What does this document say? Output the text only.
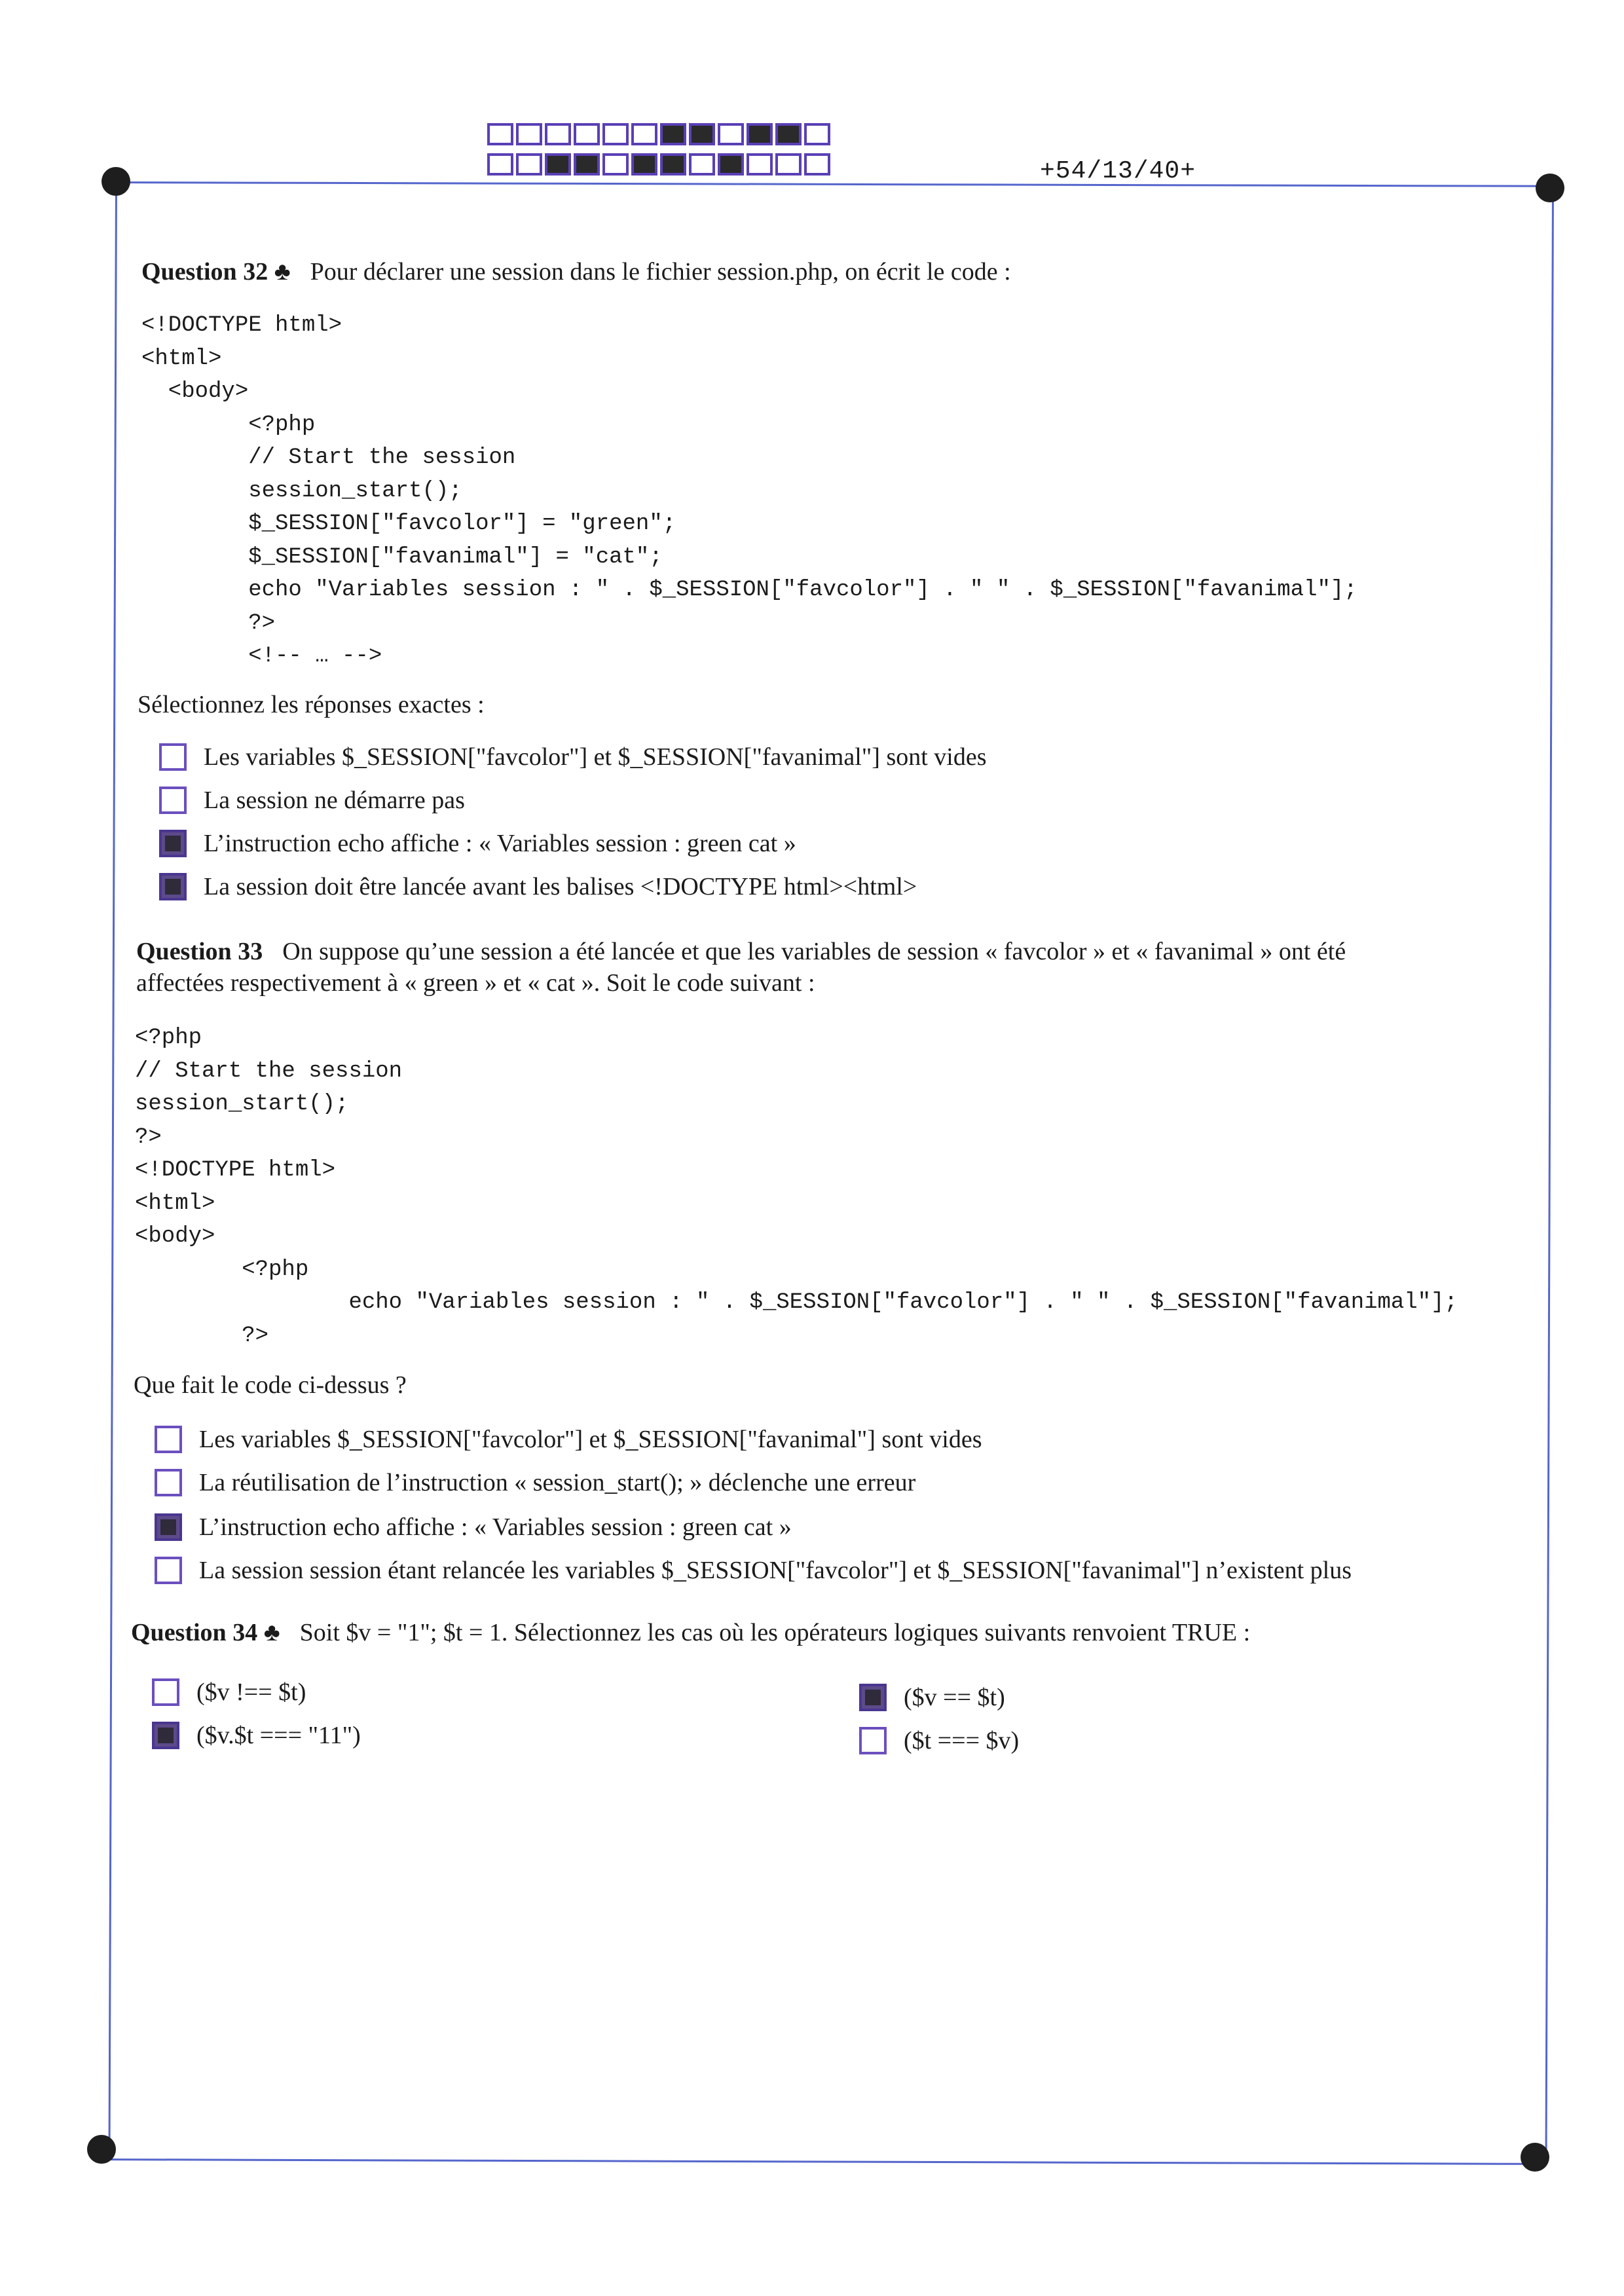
+54/13/40+
Question 32 ♣ Pour déclarer une session dans le fichier session.php, on écrit le code :
<!DOCTYPE html>
<html>
<body>
<?php
// Start the session
session_start();
$_SESSION["favcolor"] = "green";
$_SESSION["favanimal"] = "cat";
echo "Variables session : " . $_SESSION["favcolor"] . " " . $_SESSION["favanimal"];
?>
<!-- … -->
Sélectionnez les réponses exactes :
Les variables $_SESSION["favcolor"] et $_SESSION["favanimal"] sont vides
La session ne démarre pas
L’instruction echo affiche : « Variables session : green cat »
La session doit être lancée avant les balises <!DOCTYPE html><html>
Question 33 On suppose qu’une session a été lancée et que les variables de session « favcolor » et « favanimal » ont été
affectées respectivement à « green » et « cat ». Soit le code suivant :
<?php
// Start the session
session_start();
?>
<!DOCTYPE html>
<html>
<body>
<?php
echo "Variables session : " . $_SESSION["favcolor"] . " " . $_SESSION["favanimal"];
?>
Que fait le code ci-dessus ?
Les variables $_SESSION["favcolor"] et $_SESSION["favanimal"] sont vides
La réutilisation de l’instruction « session_start(); » déclenche une erreur
L’instruction echo affiche : « Variables session : green cat »
La session session étant relancée les variables $_SESSION["favcolor"] et $_SESSION["favanimal"] n’existent plus
Question 34 ♣ Soit $v = "1"; $t = 1. Sélectionnez les cas où les opérateurs logiques suivants renvoient TRUE :
($v !== $t)
($v.$t === "11")
($v == $t)
($t === $v)
